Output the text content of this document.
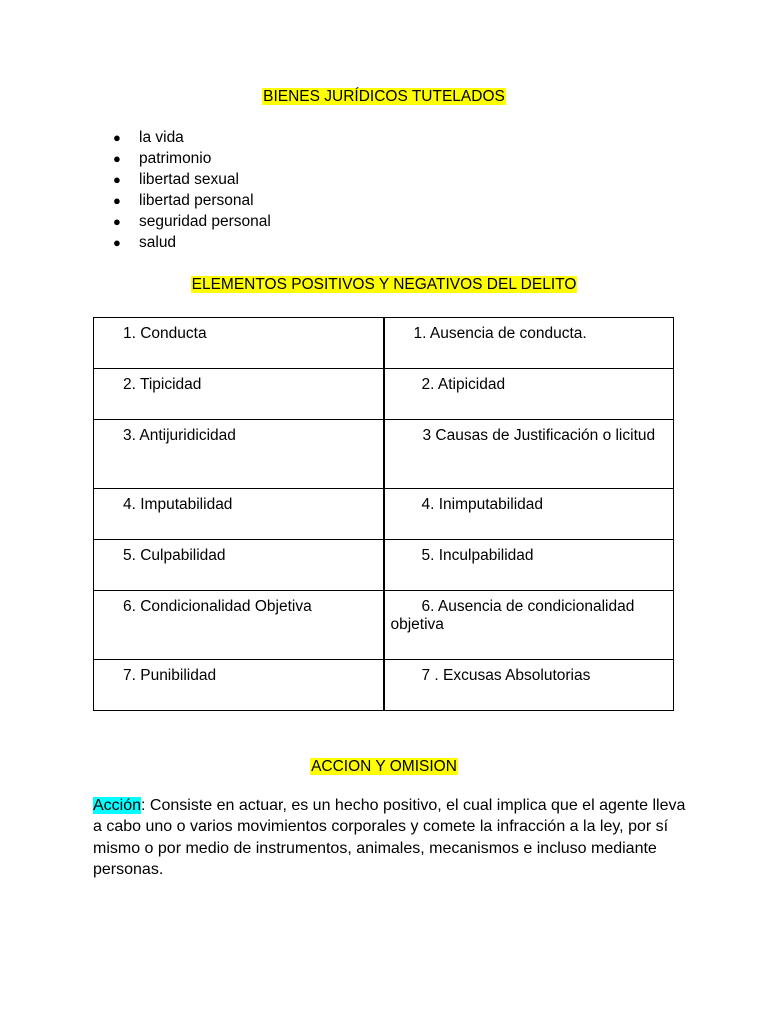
BIENES JURÍDICOS TUTELADOS
● la vida
● patrimonio
● libertad sexual
● libertad personal
● seguridad personal
● salud
ELEMENTOS POSITIVOS Y NEGATIVOS DEL DELITO
1. Conducta	1. Ausencia de conducta.
2. Tipicidad	2. Atipicidad
3. Antijuridicidad	3 Causas de Justificación o licitud
4. Imputabilidad	4. Inimputabilidad
5. Culpabilidad	5. Inculpabilidad
6. Condicionalidad Objetiva	6. Ausencia de condicionalidad objetiva
7. Punibilidad	7 . Excusas Absolutorias
ACCION Y OMISION

Acción: Consiste en actuar, es un hecho positivo, el cual implica que el agente lleva a cabo uno o varios movimientos corporales y comete la infracción a la ley, por sí mismo o por medio de instrumentos, animales, mecanismos e incluso mediante personas.
